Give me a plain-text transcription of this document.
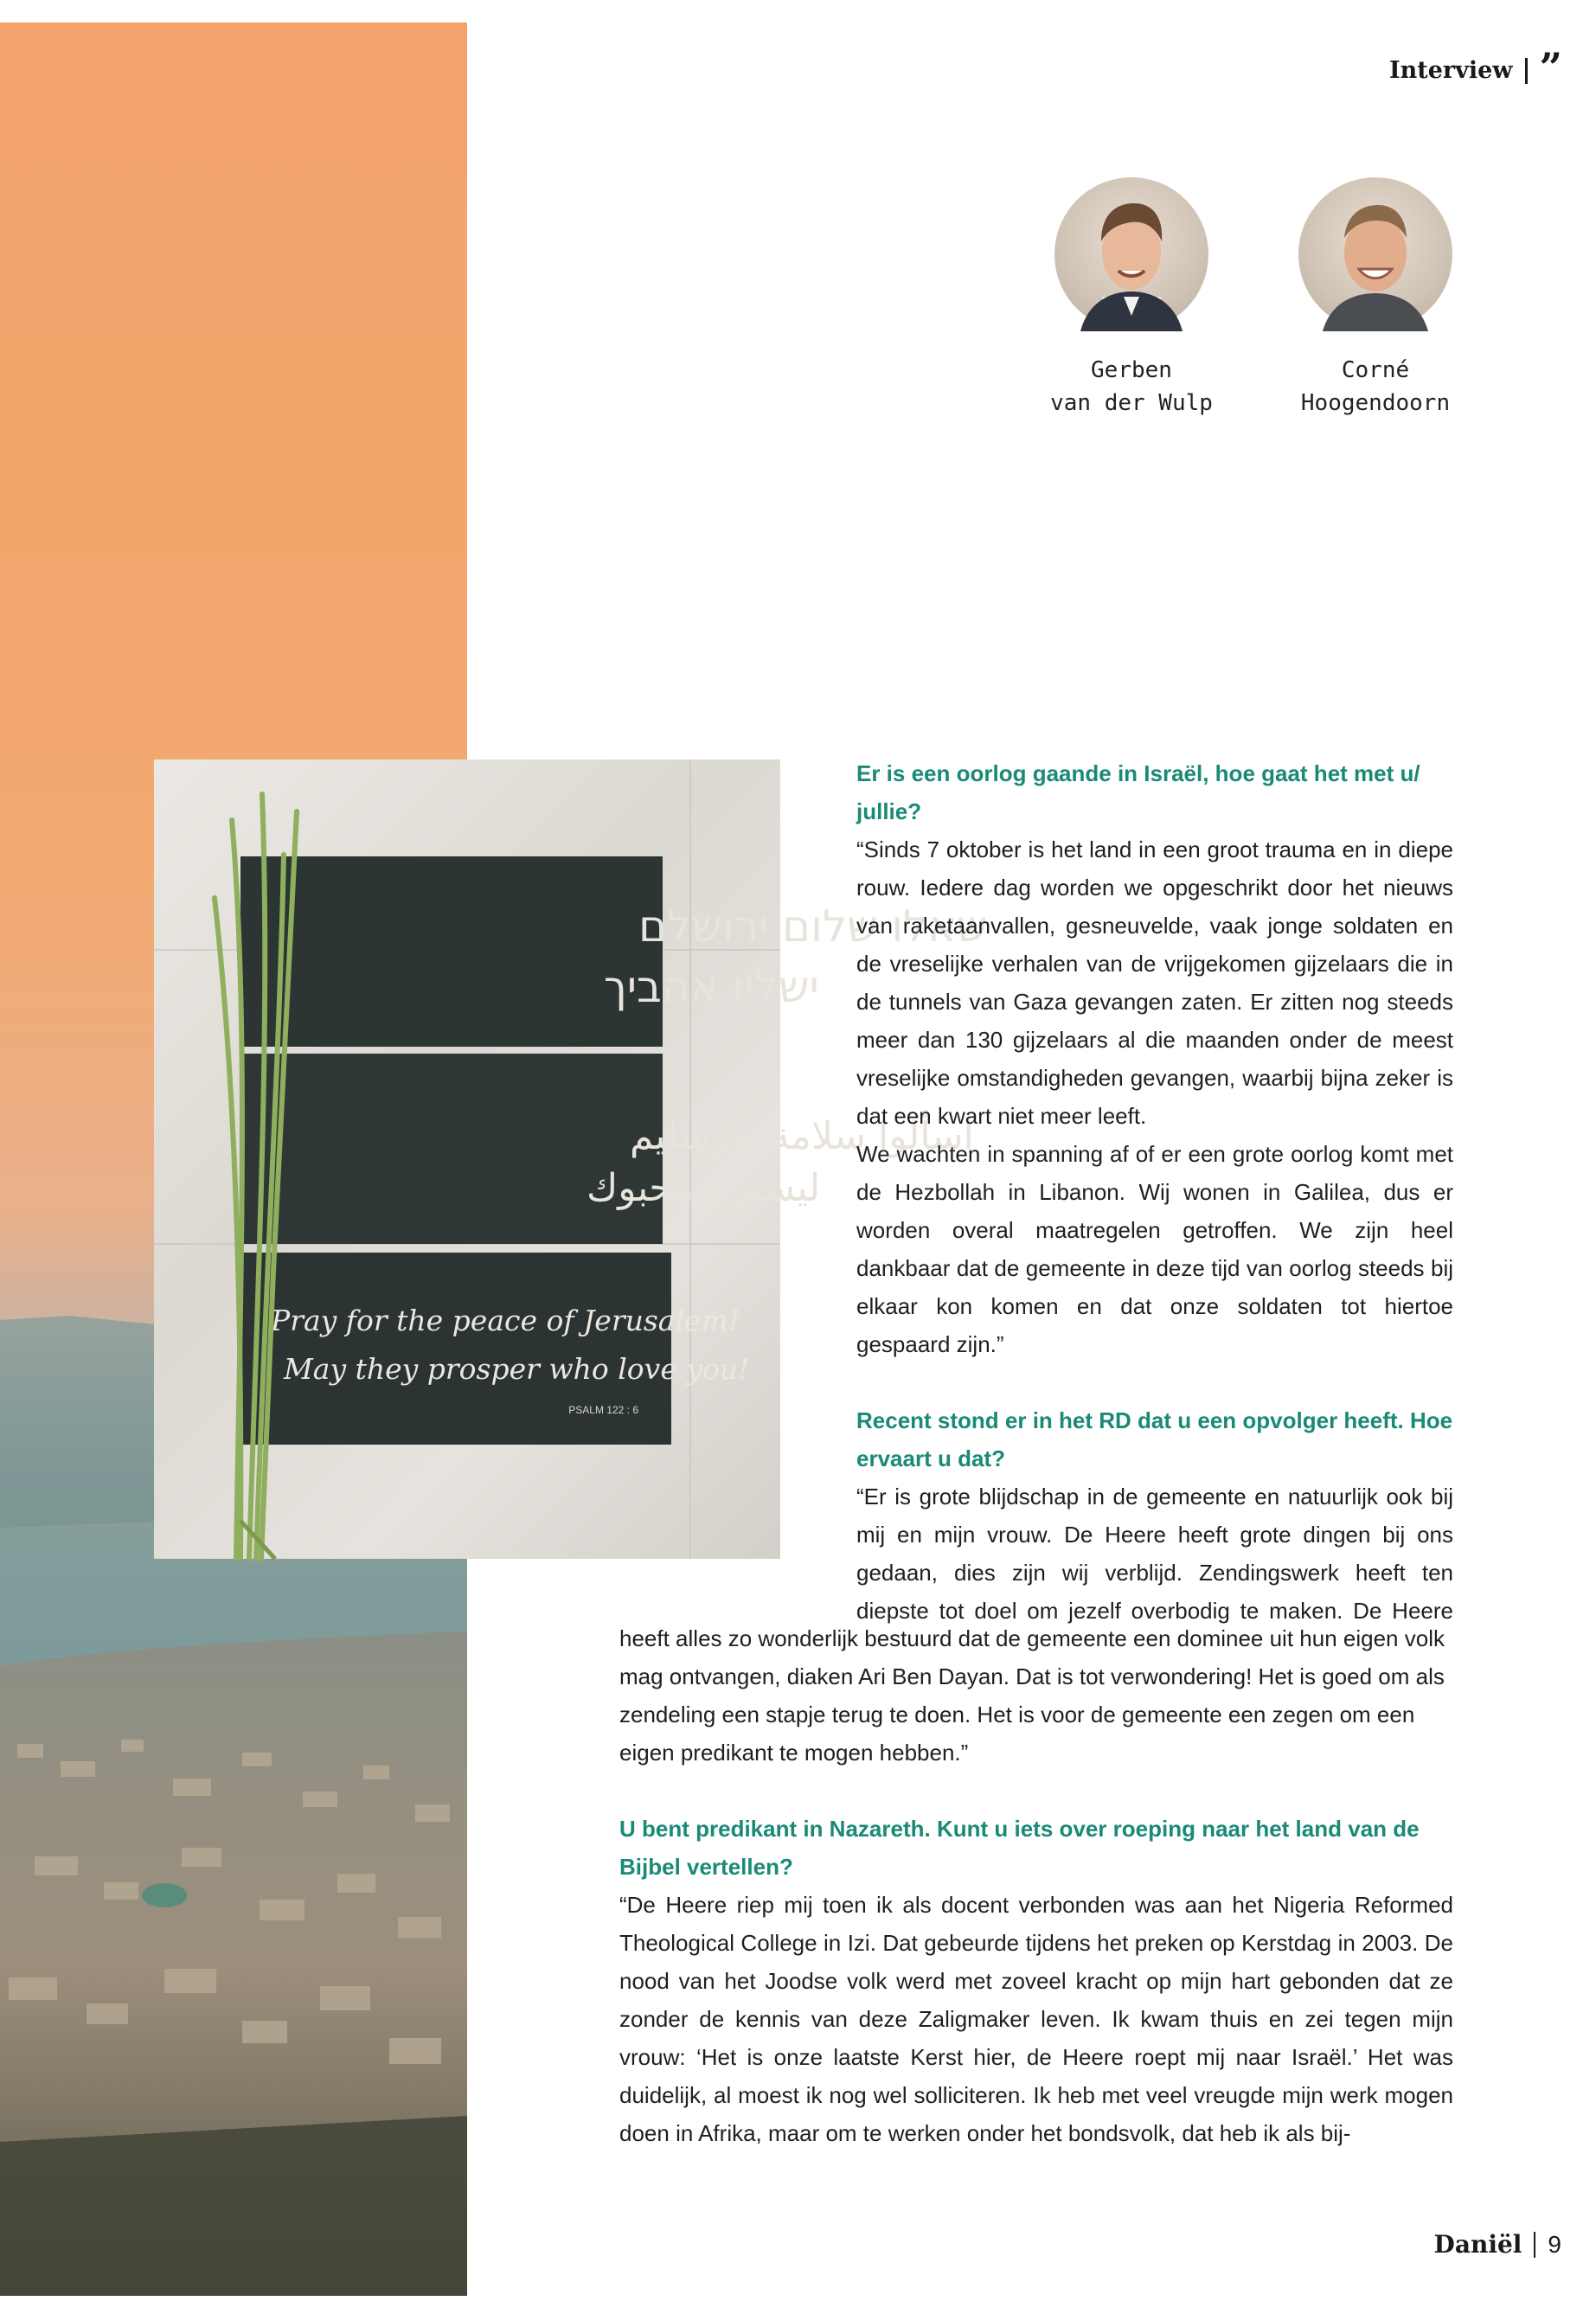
Interview ”
Gerben
van der Wulp
Corné
Hoogendoorn
שאלו שלום ירושלם
ישליו אהביך
اسألوا سلامة أورشليم
ليسترح محبوك
Pray for the peace of Jerusalem!
May they prosper who love you!
PSALM 122 : 6

Er is een oorlog gaande in Israël, hoe gaat het met u/ jullie?

“Sinds 7 oktober is het land in een groot trauma en in diepe rouw. Iedere dag worden we opgeschrikt door het nieuws van raketaanvallen, gesneuvelde, vaak jonge soldaten en de vreselijke verhalen van de vrijgekomen gijzelaars die in de tunnels van Gaza gevangen zaten. Er zitten nog steeds meer dan 130 gijzelaars al die maanden onder de meest vreselijke omstandigheden gevangen, waarbij bijna zeker is dat een kwart niet meer leeft.

We wachten in spanning af of er een grote oorlog komt met de Hezbollah in Libanon. Wij wonen in Galilea, dus er worden overal maatregelen getroffen. We zijn heel dankbaar dat de gemeente in deze tijd van oorlog steeds bij elkaar kon komen en dat onze soldaten tot hiertoe gespaard zijn.”

Recent stond er in het RD dat u een opvolger heeft. Hoe ervaart u dat?

“Er is grote blijdschap in de gemeente en natuurlijk ook bij mij en mijn vrouw. De Heere heeft grote dingen bij ons gedaan, dies zijn wij verblijd. Zendingswerk heeft ten diepste tot doel om jezelf overbodig te maken. De Heere

heeft alles zo wonderlijk bestuurd dat de gemeente een dominee uit hun eigen volk mag ontvangen, diaken Ari Ben Dayan. Dat is tot verwondering! Het is goed om als zendeling een stapje terug te doen. Het is voor de gemeente een zegen om een eigen predikant te mogen hebben.”

U bent predikant in Nazareth. Kunt u iets over roeping naar het land van de Bijbel vertellen?

“De Heere riep mij toen ik als docent verbonden was aan het Nigeria Reformed Theological College in Izi. Dat gebeurde tijdens het preken op Kerstdag in 2003. De nood van het Joodse volk werd met zoveel kracht op mijn hart gebonden dat ze zonder de kennis van deze Zaligmaker leven. Ik kwam thuis en zei tegen mijn vrouw: ‘Het is onze laatste Kerst hier, de Heere roept mij naar Israël.’ Het was duidelijk, al moest ik nog wel solliciteren. Ik heb met veel vreugde mijn werk mogen doen in Afrika, maar om te werken onder het bondsvolk, dat heb ik als bij-

Daniël 9
